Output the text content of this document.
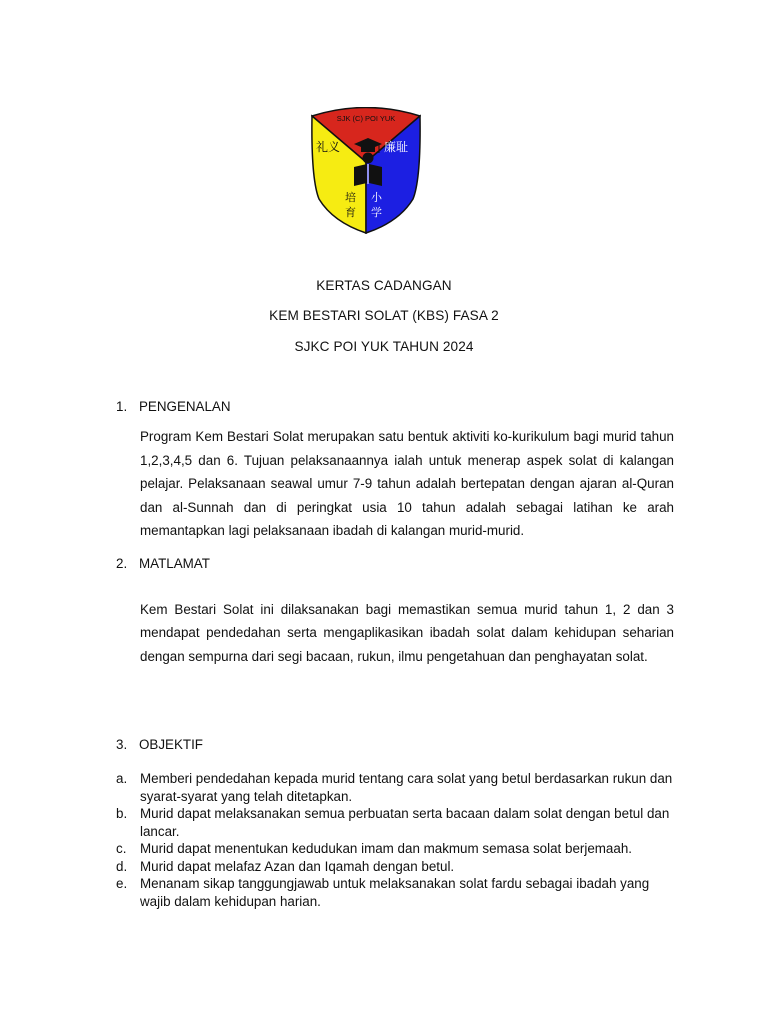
SJK (C) POI YUK
礼义	廉耻
培
育
小
学
KERTAS CADANGAN
KEM BESTARI SOLAT (KBS) FASA 2
SJKC POI YUK TAHUN 2024
1. PENGENALAN

Program Kem Bestari Solat merupakan satu bentuk aktiviti ko-kurikulum bagi murid tahun 1,2,3,4,5 dan 6. Tujuan pelaksanaannya ialah untuk menerap aspek solat di kalangan pelajar. Pelaksanaan seawal umur 7-9 tahun adalah bertepatan dengan ajaran al-Quran dan al-Sunnah dan di peringkat usia 10 tahun adalah sebagai latihan ke arah memantapkan lagi pelaksanaan ibadah di kalangan murid-murid.

2. MATLAMAT

Kem Bestari Solat ini dilaksanakan bagi memastikan semua murid tahun 1, 2 dan 3 mendapat pendedahan serta mengaplikasikan ibadah solat dalam kehidupan seharian dengan sempurna dari segi bacaan, rukun, ilmu pengetahuan dan penghayatan solat.

3. OBJEKTIF
a. Memberi pendedahan kepada murid tentang cara solat yang betul berdasarkan rukun dan syarat-syarat yang telah ditetapkan.
b. Murid dapat melaksanakan semua perbuatan serta bacaan dalam solat dengan betul dan lancar.
c.	Murid dapat menentukan kedudukan imam dan makmum semasa solat berjemaah.
d. Murid dapat melafaz Azan dan Iqamah dengan betul.
e. Menanam sikap tanggungjawab untuk melaksanakan solat fardu sebagai ibadah yang wajib dalam kehidupan harian.
